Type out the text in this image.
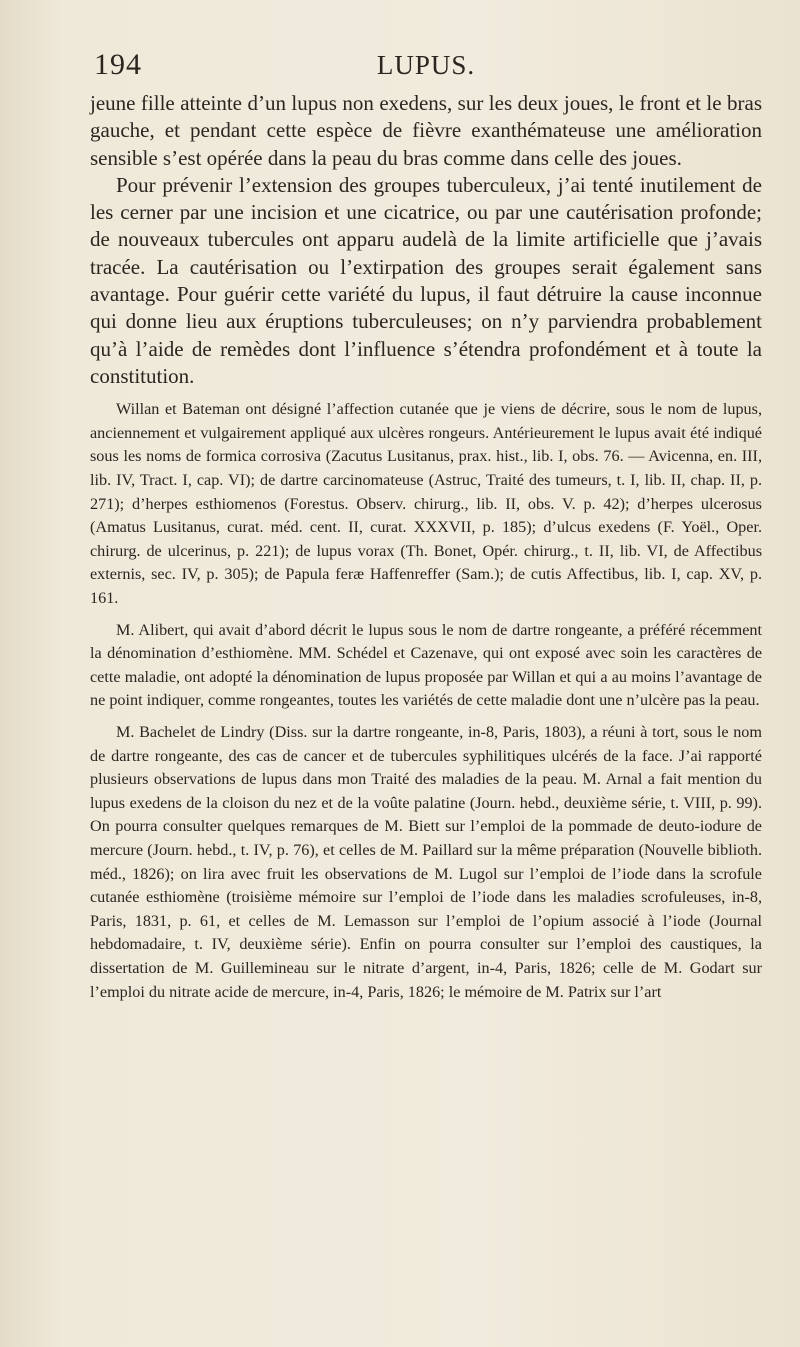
194	LUPUS.

jeune fille atteinte d’un lupus non exedens, sur les deux joues, le front et le bras gauche, et pendant cette espèce de fièvre exanthémateuse une amélioration sensible s’est opérée dans la peau du bras comme dans celle des joues.

Pour prévenir l’extension des groupes tuberculeux, j’ai tenté inutilement de les cerner par une incision et une cicatrice, ou par une cautérisation profonde; de nouveaux tubercules ont apparu audelà de la limite artificielle que j’avais tracée. La cautérisation ou l’extirpation des groupes serait également sans avantage. Pour guérir cette variété du lupus, il faut détruire la cause inconnue qui donne lieu aux éruptions tuberculeuses; on n’y parviendra probablement qu’à l’aide de remèdes dont l’influence s’étendra profondément et à toute la constitution.

Willan et Bateman ont désigné l’affection cutanée que je viens de décrire, sous le nom de lupus, anciennement et vulgairement appliqué aux ulcères rongeurs. Antérieurement le lupus avait été indiqué sous les noms de formica corrosiva (Zacutus Lusitanus, prax. hist., lib. I, obs. 76. — Avicenna, en. III, lib. IV, Tract. I, cap. VI); de dartre carcinomateuse (Astruc, Traité des tumeurs, t. I, lib. II, chap. II, p. 271); d’herpes esthiomenos (Forestus. Observ. chirurg., lib. II, obs. V. p. 42); d’herpes ulcerosus (Amatus Lusitanus, curat. méd. cent. II, curat. XXXVII, p. 185); d’ulcus exedens (F. Yoël., Oper. chirurg. de ulcerinus, p. 221); de lupus vorax (Th. Bonet, Opér. chirurg., t. II, lib. VI, de Affectibus externis, sec. IV, p. 305); de Papula feræ Haffenreffer (Sam.); de cutis Affectibus, lib. I, cap. XV, p. 161.

M. Alibert, qui avait d’abord décrit le lupus sous le nom de dartre rongeante, a préféré récemment la dénomination d’esthiomène. MM. Schédel et Cazenave, qui ont exposé avec soin les caractères de cette maladie, ont adopté la dénomination de lupus proposée par Willan et qui a au moins l’avantage de ne point indiquer, comme rongeantes, toutes les variétés de cette maladie dont une n’ulcère pas la peau.

M. Bachelet de Lindry (Diss. sur la dartre rongeante, in-8, Paris, 1803), a réuni à tort, sous le nom de dartre rongeante, des cas de cancer et de tubercules syphilitiques ulcérés de la face. J’ai rapporté plusieurs observations de lupus dans mon Traité des maladies de la peau. M. Arnal a fait mention du lupus exedens de la cloison du nez et de la voûte palatine (Journ. hebd., deuxième série, t. VIII, p. 99). On pourra consulter quelques remarques de M. Biett sur l’emploi de la pommade de deuto-iodure de mercure (Journ. hebd., t. IV, p. 76), et celles de M. Paillard sur la même préparation (Nouvelle biblioth. méd., 1826); on lira avec fruit les observations de M. Lugol sur l’emploi de l’iode dans la scrofule cutanée esthiomène (troisième mémoire sur l’emploi de l’iode dans les maladies scrofuleuses, in-8, Paris, 1831, p. 61, et celles de M. Lemasson sur l’emploi de l’opium associé à l’iode (Journal hebdomadaire, t. IV, deuxième série). Enfin on pourra consulter sur l’emploi des caustiques, la dissertation de M. Guillemineau sur le nitrate d’argent, in-4, Paris, 1826; celle de M. Godart sur l’emploi du nitrate acide de mercure, in-4, Paris, 1826; le mémoire de M. Patrix sur l’art
